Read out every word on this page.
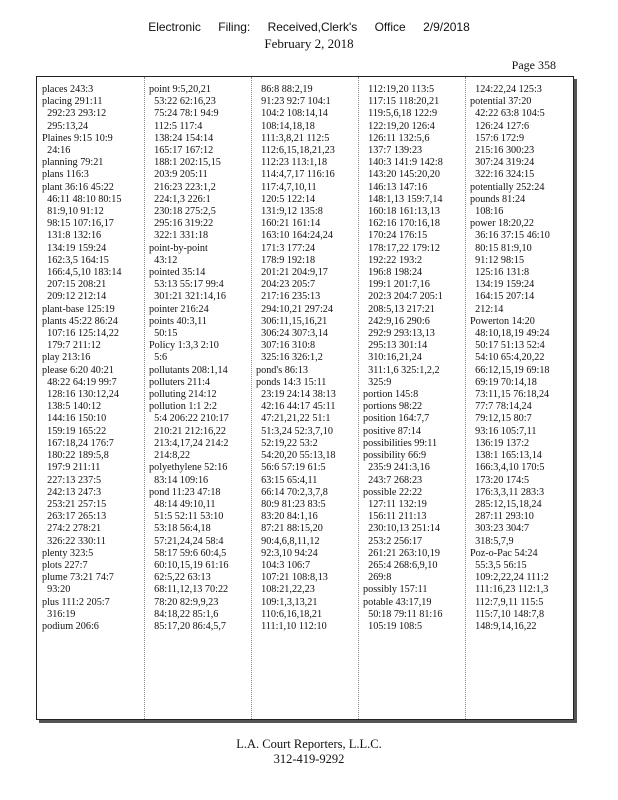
Electronic Filing: Received,Clerk's Office 2/9/2018
February 2, 2018
Page 358
places 243:3
placing 291:11
292:23 293:12
295:13,24
Plaines 9:15 10:9
24:16
planning 79:21
plans 116:3
plant 36:16 45:22
46:11 48:10 80:15
81:9,10 91:12
98:15 107:16,17
131:8 132:16
134:19 159:24
162:3,5 164:15
166:4,5,10 183:14
207:15 208:21
209:12 212:14
plant-base 125:19
plants 45:22 86:24
107:16 125:14,22
179:7 211:12
play 213:16
please 6:20 40:21
48:22 64:19 99:7
128:16 130:12,24
138:5 140:12
144:16 150:10
159:19 165:22
167:18,24 176:7
180:22 189:5,8
197:9 211:11
227:13 237:5
242:13 247:3
253:21 257:15
263:17 265:13
274:2 278:21
326:22 330:11
plenty 323:5
plots 227:7
plume 73:21 74:7
93:20
plus 111:2 205:7
316:19
podium 206:6
point 9:5,20,21
53:22 62:16,23
75:24 78:1 94:9
112:5 117:4
138:24 154:14
165:17 167:12
188:1 202:15,15
203:9 205:11
216:23 223:1,2
224:1,3 226:1
230:18 275:2,5
295:16 319:22
322:1 331:18
point-by-point
43:12
pointed 35:14
53:13 55:17 99:4
301:21 321:14,16
pointer 216:24
points 40:3,11
50:15
Policy 1:3,3 2:10
5:6
pollutants 208:1,14
polluters 211:4
polluting 214:12
pollution 1:1 2:2
5:4 206:22 210:17
210:21 212:16,22
213:4,17,24 214:2
214:8,22
polyethylene 52:16
83:14 109:16
pond 11:23 47:18
48:14 49:10,11
51:5 52:11 53:10
53:18 56:4,18
57:21,24,24 58:4
58:17 59:6 60:4,5
60:10,15,19 61:16
62:5,22 63:13
68:11,12,13 70:22
78:20 82:9,9,23
84:18,22 85:1,6
85:17,20 86:4,5,7
86:8 88:2,19
91:23 92:7 104:1
104:2 108:14,14
108:14,18,18
111:3,8,21 112:5
112:6,15,18,21,23
112:23 113:1,18
114:4,7,17 116:16
117:4,7,10,11
120:5 122:14
131:9,12 135:8
160:21 161:14
163:10 164:24,24
171:3 177:24
178:9 192:18
201:21 204:9,17
204:23 205:7
217:16 235:13
294:10,21 297:24
306:11,15,16,21
306:24 307:3,14
307:16 310:8
325:16 326:1,2
pond's 86:13
ponds 14:3 15:11
23:19 24:14 38:13
42:16 44:17 45:11
47:21,21,22 51:1
51:3,24 52:3,7,10
52:19,22 53:2
54:20,20 55:13,18
56:6 57:19 61:5
63:15 65:4,11
66:14 70:2,3,7,8
80:9 81:23 83:5
83:20 84:1,16
87:21 88:15,20
90:4,6,8,11,12
92:3,10 94:24
104:3 106:7
107:21 108:8,13
108:21,22,23
109:1,3,13,21
110:6,16,18,21
111:1,10 112:10
112:19,20 113:5
117:15 118:20,21
119:5,6,18 122:9
122:19,20 126:4
126:11 132:5,6
137:7 139:23
140:3 141:9 142:8
143:20 145:20,20
146:13 147:16
148:1,13 159:7,14
160:18 161:13,13
162:16 170:16,18
170:24 176:15
178:17,22 179:12
192:22 193:2
196:8 198:24
199:1 201:7,16
202:3 204:7 205:1
208:5,13 217:21
242:9,16 290:6
292:9 293:13,13
295:13 301:14
310:16,21,24
311:1,6 325:1,2,2
325:9
portion 145:8
portions 98:22
position 164:7,7
positive 87:14
possibilities 99:11
possibility 66:9
235:9 241:3,16
243:7 268:23
possible 22:22
127:11 132:19
156:11 211:13
230:10,13 251:14
253:2 256:17
261:21 263:10,19
265:4 268:6,9,10
269:8
possibly 157:11
potable 43:17,19
50:18 79:11 81:16
105:19 108:5
124:22,24 125:3
potential 37:20
42:22 63:8 104:5
126:24 127:6
157:6 172:9
215:16 300:23
307:24 319:24
322:16 324:15
potentially 252:24
pounds 81:24
108:16
power 18:20,22
36:16 37:15 46:10
80:15 81:9,10
91:12 98:15
125:16 131:8
134:19 159:24
164:15 207:14
212:14
Powerton 14:20
48:10,18,19 49:24
50:17 51:13 52:4
54:10 65:4,20,22
66:12,15,19 69:18
69:19 70:14,18
73:11,15 76:18,24
77:7 78:14,24
79:12,15 80:7
93:16 105:7,11
136:19 137:2
138:1 165:13,14
166:3,4,10 170:5
173:20 174:5
176:3,3,11 283:3
285:12,15,18,24
287:11 293:10
303:23 304:7
318:5,7,9
Poz-o-Pac 54:24
55:3,5 56:15
109:2,22,24 111:2
111:16,23 112:1,3
112:7,9,11 115:5
115:7,10 148:7,8
148:9,14,16,22
L.A. Court Reporters, L.L.C.
312-419-9292
